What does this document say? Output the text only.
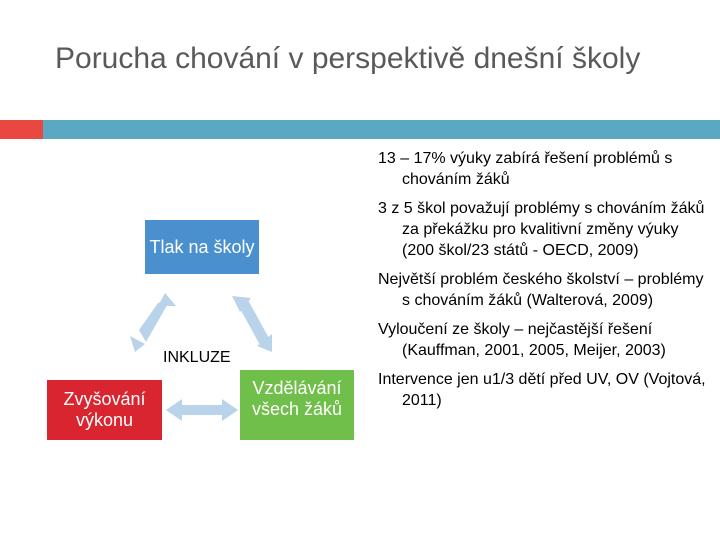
Porucha chování v perspektivě dnešní školy
Tlak na školy
INKLUZE
Zvyšování výkonu
Vzdělávání všech žáků
13 – 17% výuky zabírá řešení problémů s chováním žáků
3 z 5 škol považují problémy s chováním žáků za překážku pro kvalitivní změny výuky (200 škol/23 států - OECD, 2009)
Největší problém českého školství – problémy s chováním žáků (Walterová, 2009)
Vyloučení ze školy – nejčastější řešení (Kauffman, 2001, 2005, Meijer, 2003)
Intervence jen u1/3 dětí před UV, OV (Vojtová, 2011)
